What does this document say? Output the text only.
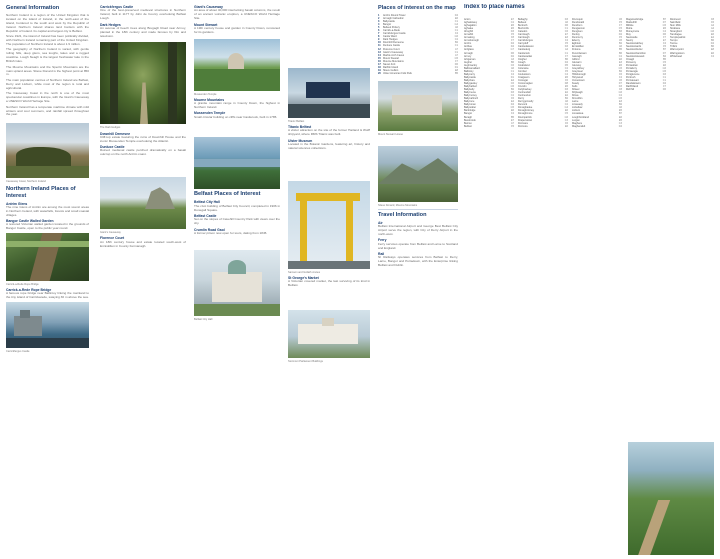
General Information

Northern Ireland is a region of the United Kingdom that is located on the island of Ireland, in the north-east of the island, bordered to the south and west by the Republic of Ireland. Northern Ireland shares land borders with the Republic of Ireland. Its capital and largest city is Belfast.

Since 1921, the island of Ireland has been politically divided, with Northern Ireland remaining part of the United Kingdom. The population of Northern Ireland is about 1.9 million.

The geography of Northern Ireland is varied, with gentle rolling hills, deep glens, sea loughs, lakes and a rugged coastline. Lough Neagh is the largest freshwater lake in the British Isles.

The Mourne Mountains and the Sperrin Mountains are the main upland areas. Slieve Donard is the highest point at 850 m.

The main population centres of Northern Ireland are Belfast, Derry and Lisburn, while most of the region is rural and agricultural.

The Causeway Coast in the north is one of the most spectacular coastlines in Europe, with the Giant's Causeway a UNESCO World Heritage Site.

Northern Ireland has a temperate maritime climate with mild winters and cool summers, and rainfall spread throughout the year.

Causeway Coast, Northern Ireland
Northern Ireland Places of Interest
Antrim Glens

The nine Glens of Antrim are among the most scenic areas in Northern Ireland, with waterfalls, forests and small coastal villages.

Bangor Castle Walled Garden

A restored Victorian walled garden located in the grounds of Bangor Castle, open to the public year round.

Carrick-a-Rede Rope Bridge
Carrick-a-Rede Rope Bridge

A famous rope bridge near Ballintoy linking the mainland to the tiny island of Carrickarede, swaying 30 m above the sea.

Carrickfergus Castle
Carrickfergus Castle

One of the best-preserved medieval structures in Northern Ireland, built in 1177 by John de Courcy overlooking Belfast Lough.

Dark Hedges

An avenue of beech trees along Bregagh Road near Armoy, planted in the 18th century and made famous by film and television.

The Dark Hedges
Downhill Demesne

Cliff-top estate featuring the ruins of Downhill House and the iconic Mussenden Temple overlooking the Atlantic.

Dunluce Castle

Ruined medieval castle perched dramatically on a basalt outcrop on the north Antrim coast.

Giant's Causeway
Florence Court

An 18th century house and estate located south-west of Enniskillen in County Fermanagh.

Giant's Causeway

An area of about 40,000 interlocking basalt columns, the result of an ancient volcanic eruption, a UNESCO World Heritage Site.

Mount Stewart

A 19th century house and garden in County Down, renowned for its gardens.

Mussenden Temple
Mourne Mountains

A granite mountain range in County Down, the highest in Northern Ireland.

Mussenden Temple

Small circular building on cliffs near Castlerock, built in 1785.

Belfast Places of Interest
Belfast City Hall

The civic building of Belfast City Council, completed in 1906 in Donegall Square.

Belfast Castle

Set on the slopes of Cavehill Country Park with views over the city.

Crumlin Road Gaol

A former prison now open for tours, dating from 1845.

Belfast City Hall
Titanic Belfast
Titanic Belfast

A visitor attraction on the site of the former Harland & Wolff shipyard, where RMS Titanic was built.

Ulster Museum

Located in the Botanic Gardens, featuring art, history and natural sciences collections.

Samson and Goliath cranes
St George's Market

A Victorian covered market, the last surviving of its kind in Belfast.

Stormont Parliament Buildings
Places of interest on the map
1	Antrim Round Tower	D4
2	Armagh Cathedral	E6
3	Ballycastle	C1
4	Bangor	G4
5	Belleek Pottery	A6
6	Carrick-a-Rede	C1
7	Carrickfergus Castle	F4
8	Castle Ward	G6
9	Dark Hedges	C2
10 Downhill Demesne	B2
11 Dunluce Castle	C1
12 Florence Court	A7
13 Giant's Causeway	C1
14 Marble Arch Caves	A7
15 Mount Stewart	G5
16 Mourne Mountains	F7
17 Navan Fort	D6
18 Rathlin Island	D1
19 Slieve Gullion	E8
20 Ulster American Folk Park	B5
Mount Stewart House
Slieve Donard, Mourne Mountains
Travel Information
Air

Belfast International Airport and George Best Belfast City Airport serve the region, with City of Derry Airport in the north-west.

Ferry

Ferry services operate from Belfast and Larne to Scotland and England.

Rail

NI Railways operates services from Belfast to Derry, Larne, Bangor and Portadown, with the Enterprise linking Belfast and Dublin.

Index to place names
Acton	E7
Aghadowey	C2
Aghagallon	E5
Aghalee	E5
Ahoghill	D3
Annahilt	F5
Annalong	F8
Annsborough	F7
Antrim	D4
Ardboe	D4
Ardglass	G7
Armagh	D6
Armoy	D2
Artigarvan	A3
Augher	B6
Aughnacloy	C6
Ballinamallard	A6
Ballintoy	C1
Ballycarry	F4
Ballycastle	D1
Ballyclare	E4
Ballygawley	C6
Ballyhalbert	G5
Ballykelly	B2
Ballymena	D3
Ballymoney	C2
Ballynahinch	F6
Ballynure	E4
Ballyronan	D4
Ballywalter	G5
Banbridge	E6
Bangor	F4
Beragh	B5
Bessbrook	E7
Belcoo	A7
Belfast	F5
Bellaghy	D3
Belleek	A6
Benburb	D6
Bushmills	C1
Caledon	C6
Camlough	E7
Carnlough	E3
Carrickfergus	F4
Carryduff	F5
Castledawson	D3
Castlederg	A4
Castlerock	C1
Castlewellan	F7
Clogher	B6
Coagh	D4
Coalisland	D5
Coleraine	C2
Comber	F5
Cookstown	C4
Craigavon	E5
Crossgar	F6
Crossmaglen	D8
Crumlin	E5
Cullybackey	D3
Cushendall	E2
Cushendun	E2
Derry	B2
Derrygonnelly	A6
Dervock	C2
Donaghadee	G4
Donaghcloney	E6
Donaghmore	C5
Downpatrick	G6
Draperstown	C3
Dromara	F6
Dromore	E6
Drumquin	A5
Dundonald	F5
Dundrum	F7
Dungannon	C5
Dungiven	B3
Dunloy	D2
Dunmurry	F5
Ederny	A5
Eglinton	B2
Enniskillen	A6
Fintona	B5
Fivemiletown	B6
Garvagh	C2
Gilford	E6
Glenarm	E3
Glenavy	E5
Greyabbey	G5
Greysteel	B2
Hillsborough	F6
Holywood	F4
Irvinestown	A5
Keady	D7
Kells	D3
Kilkeel	F8
Killyleagh	G6
Kilrea	C2
Kircubbin	G5
Larne	E3
Limavady	B2
Lisbellaw	A6
Lisburn	E5
Lisnaskea	B7
Loughbrickland	E6
Lurgan	E5
Maghera	C3
Magherafelt	D4
Maguiresbridge	B7
Markethill	D7
Millisle	G5
Moira	E5
Moneymore	C4
Moy	D6
Newcastle	F7
Newry	E7
Newtownabbey	F4
Newtownards	F5
Newtownbutler	B7
Newtownhamilton	D7
Newtownstewart	B4
Omagh	B5
Pomeroy	C5
Portadown	E6
Portaferry	G6
Portavogie	G5
Portglenone	D3
Portrush	C1
Portstewart	C1
Randalstown	D4
Rathfriland	F7
Richhill	D6
Rostrevor	F8
Saintfield	F6
Sion Mills	A4
Strabane	A4
Strangford	G6
Tandragee	E6
Templepatrick	E4
Tempo	B6
Toome	D4
Trillick	B6
Warrenpoint	E8
Waringstown	E6
Whitehead	F4
